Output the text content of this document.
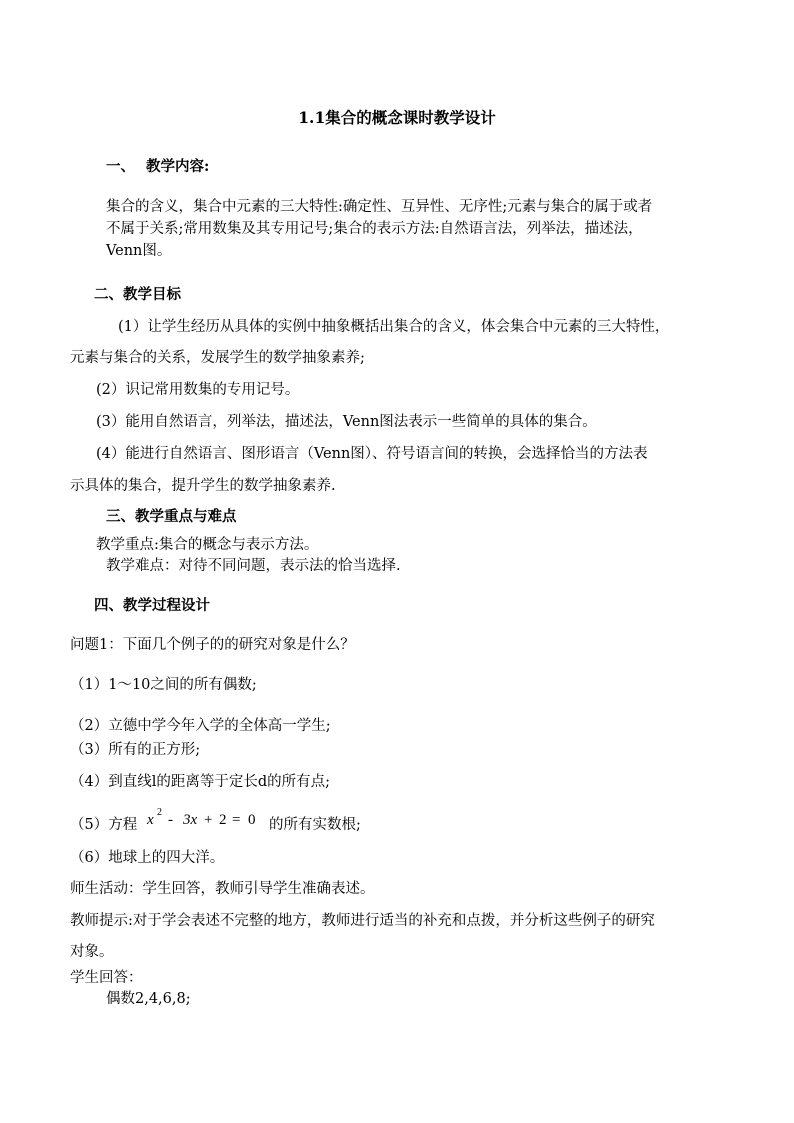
1.1集合的概念课时教学设计
一、 教学内容:
集合的含义，集合中元素的三大特性:确定性、互异性、无序性;元素与集合的属于或者
不属于关系;常用数集及其专用记号;集合的表示方法:自然语言法，列举法，描述法，
Venn图。
二、教学目标
(1）让学生经历从具体的实例中抽象概括出集合的含义，体会集合中元素的三大特性，
元素与集合的关系，发展学生的数学抽象素养;
(2）识记常用数集的专用记号。
(3）能用自然语言，列举法，描述法，Venn图法表示一些简单的具体的集合。
(4）能进行自然语言、图形语言（Venn图）、符号语言间的转换，会选择恰当的方法表
示具体的集合，提升学生的数学抽象素养.
三、教学重点与难点
教学重点:集合的概念与表示方法。
教学难点：对待不同问题，表示法的恰当选择.
四、教学过程设计
问题1：下面几个例子的的研究对象是什么？
（1）1～10之间的所有偶数;
（2）立德中学今年入学的全体高一学生;
（3）所有的正方形;
（4）到直线l的距离等于定长d的所有点;
（5）方程 x 2 - 3x + 2 = 0 的所有实数根;
（6）地球上的四大洋。
师生活动：学生回答，教师引导学生准确表述。
教师提示:对于学会表述不完整的地方，教师进行适当的补充和点拨，并分析这些例子的研究
对象。
学生回答：
偶数2,4,6,8;
